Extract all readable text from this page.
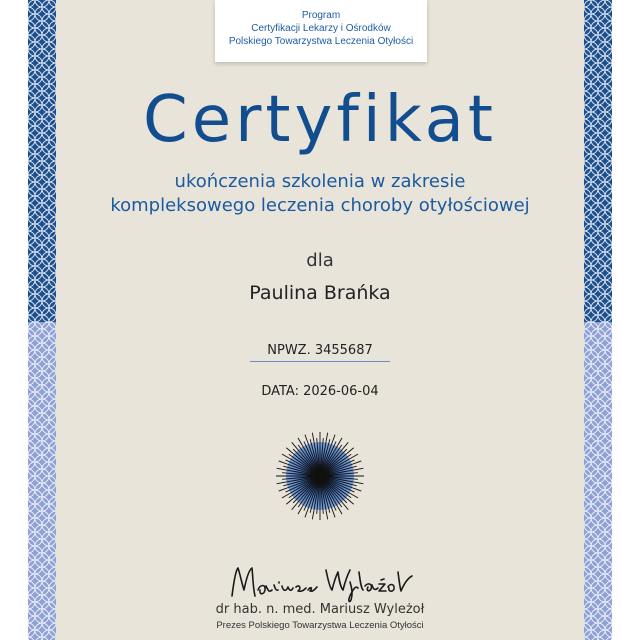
Program
Certyfikacji Lekarzy i Ośrodków
Polskiego Towarzystwa Leczenia Otyłości
Certyfikat
ukończenia szkolenia w zakresie
kompleksowego leczenia choroby otyłościowej
dla
Paulina Brańka
NPWZ. 3455687
DATA: 2026-06-04
dr hab. n. med. Mariusz Wyleżoł
Prezes Polskiego Towarzystwa Leczenia Otyłości
